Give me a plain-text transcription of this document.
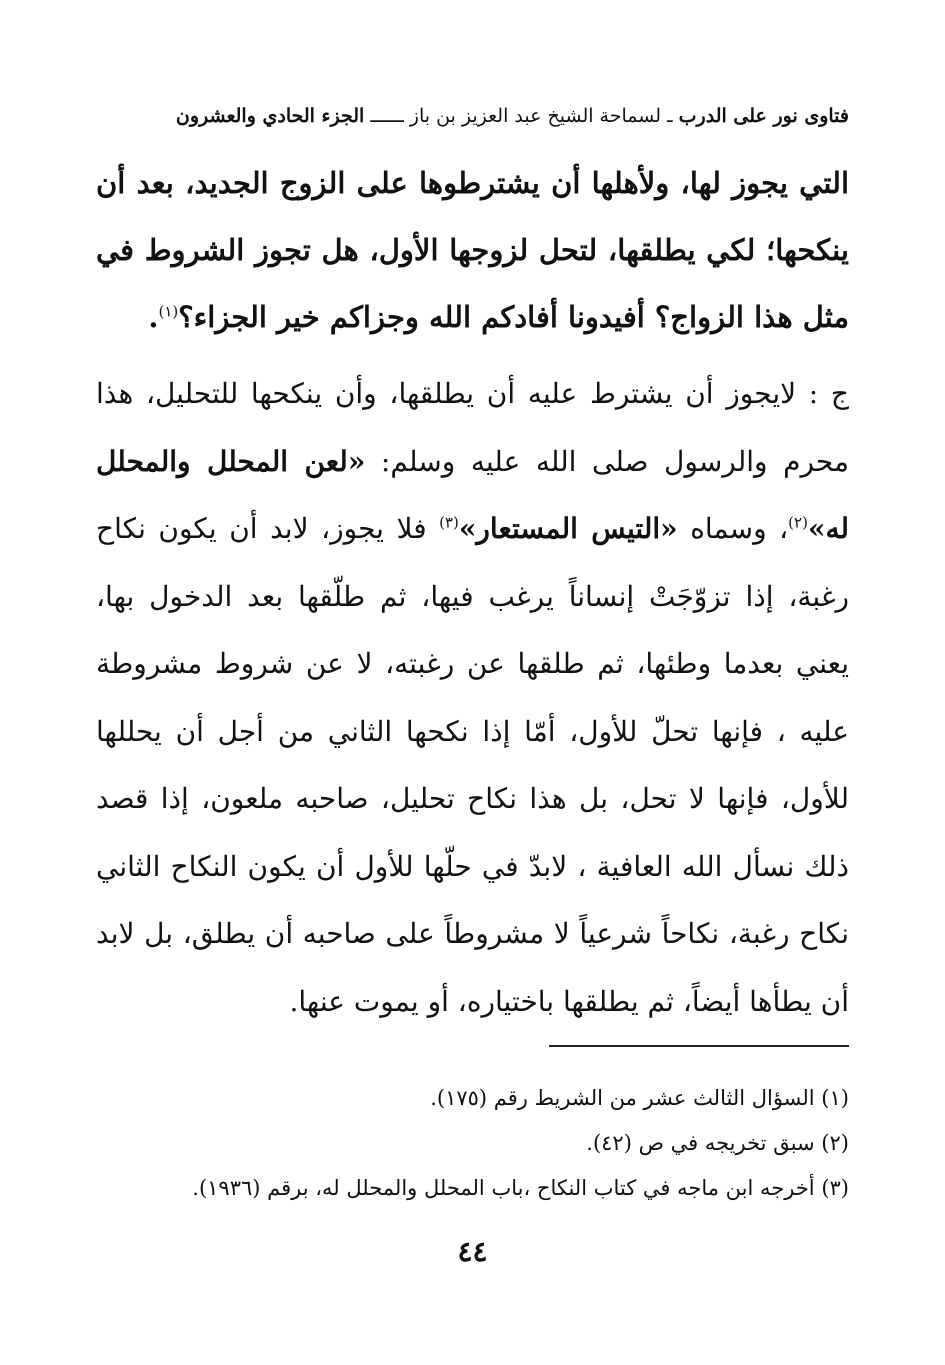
فتاوى نور على الدرب ـ لسماحة الشيخ عبد العزيز بن باز ــــــ الجزء الحادي والعشرون
التي يجوز لها، ولأهلها أن يشترطوها على الزوج الجديد، بعد أن ينكحها؛ لكي يطلقها، لتحل لزوجها الأول، هل تجوز الشروط في مثل هذا الزواج؟ أفيدونا أفادكم الله وجزاكم خير الجزاء؟$^{(١)}$.
ج : لايجوز أن يشترط عليه أن يطلقها، وأن ينكحها للتحليل، هذا محرم والرسول صلى الله عليه وسلم: «لعن المحلل والمحلل له»$^{(٢)}$، وسماه «التيس المستعار»$^{(٣)}$ فلا يجوز، لابد أن يكون نكاح رغبة، إذا تزوّجَتْ إنساناً يرغب فيها، ثم طلّقها بعد الدخول بها، يعني بعدما وطئها، ثم طلقها عن رغبته، لا عن شروط مشروطة عليه ، فإنها تحلّ للأول، أمّا إذا نكحها الثاني من أجل أن يحللها للأول، فإنها لا تحل، بل هذا نكاح تحليل، صاحبه ملعون، إذا قصد ذلك نسأل الله العافية ، لابدّ في حلّها للأول أن يكون النكاح الثاني نكاح رغبة، نكاحاً شرعياً لا مشروطاً على صاحبه أن يطلق، بل لابد أن يطأها أيضاً، ثم يطلقها باختياره، أو يموت عنها.
(١) السؤال الثالث عشر من الشريط رقم (١٧٥).
(٢) سبق تخريجه في ص (٤٢).
(٣) أخرجه ابن ماجه في كتاب النكاح ،باب المحلل والمحلل له، برقم (١٩٣٦).
٤٤
